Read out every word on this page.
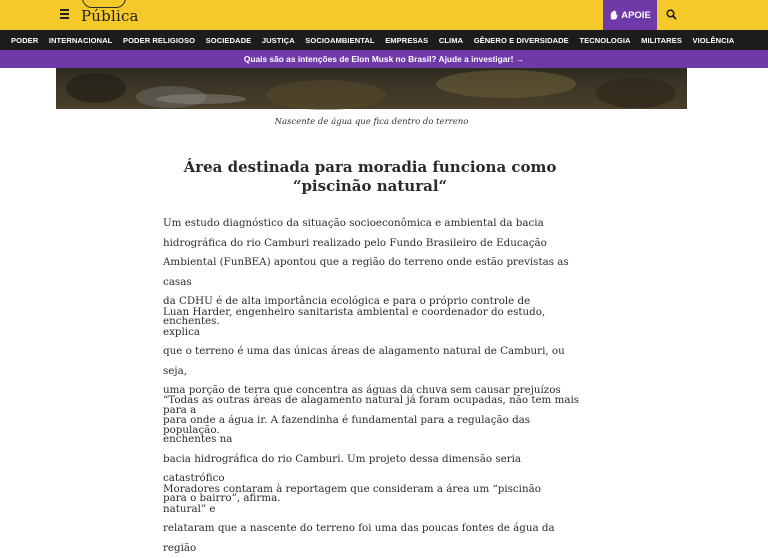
Pública	APOIE
PODER INTERNACIONAL PODER RELIGIOSO SOCIEDADE JUSTIÇA SOCIOAMBIENTAL EMPRESAS CLIMA GÊNERO E DIVERSIDADE TECNOLOGIA MILITARES VIOLÊNCIA
Quais são as intenções de Elon Musk no Brasil? Ajude a investigar! →
Nascente de água que fica dentro do terreno
Área destinada para moradia funciona como “piscinão natural“
Um estudo diagnóstico da situação socioeconômica e ambiental da bacia
hidrográfica do rio Camburi realizado pelo Fundo Brasileiro de Educação
Ambiental (FunBEA) apontou que a região do terreno onde estão previstas as casas
da CDHU é de alta importância ecológica e para o próprio controle de enchentes.
Luan Harder, engenheiro sanitarista ambiental e coordenador do estudo, explica
que o terreno é uma das únicas áreas de alagamento natural de Camburi, ou seja,
uma porção de terra que concentra as águas da chuva sem causar prejuízos para a
população.
“Todas as outras áreas de alagamento natural já foram ocupadas, não tem mais
para onde a água ir. A fazendinha é fundamental para a regulação das enchentes na
bacia hidrográfica do rio Camburi. Um projeto dessa dimensão seria catastrófico
para o bairro”, afirma.
Moradores contaram à reportagem que consideram a área um “piscinão natural” e
relataram que a nascente do terreno foi uma das poucas fontes de água da região
